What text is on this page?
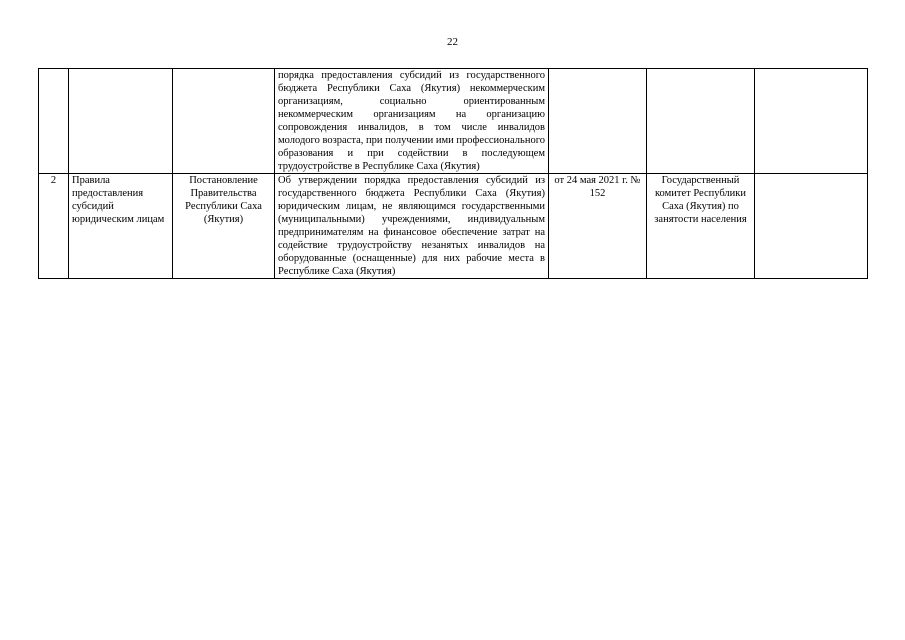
22
			порядка предоставления субсидий из государственного бюджета Республики Саха (Якутия) некоммерческим организациям, социально ориентированным некоммерческим организациям на организацию сопровождения инвалидов, в том числе инвалидов молодого возраста, при получении ими профессионального образования и при содействии в последующем трудоустройстве в Республике Саха (Якутия)			
2	Правила предоставления субсидий юридическим лицам	Постановление Правительства Республики Саха (Якутия)	Об утверждении порядка предоставления субсидий из государственного бюджета Республики Саха (Якутия) юридическим лицам, не являющимся государственными (муниципальными) учреждениями, индивидуальным предпринимателям на финансовое обеспечение затрат на содействие трудоустройству незанятых инвалидов на оборудованные (оснащенные) для них рабочие места в Республике Саха (Якутия)	от 24 мая 2021 г. № 152	Государственный комитет Республики Саха (Якутия) по занятости населения	
